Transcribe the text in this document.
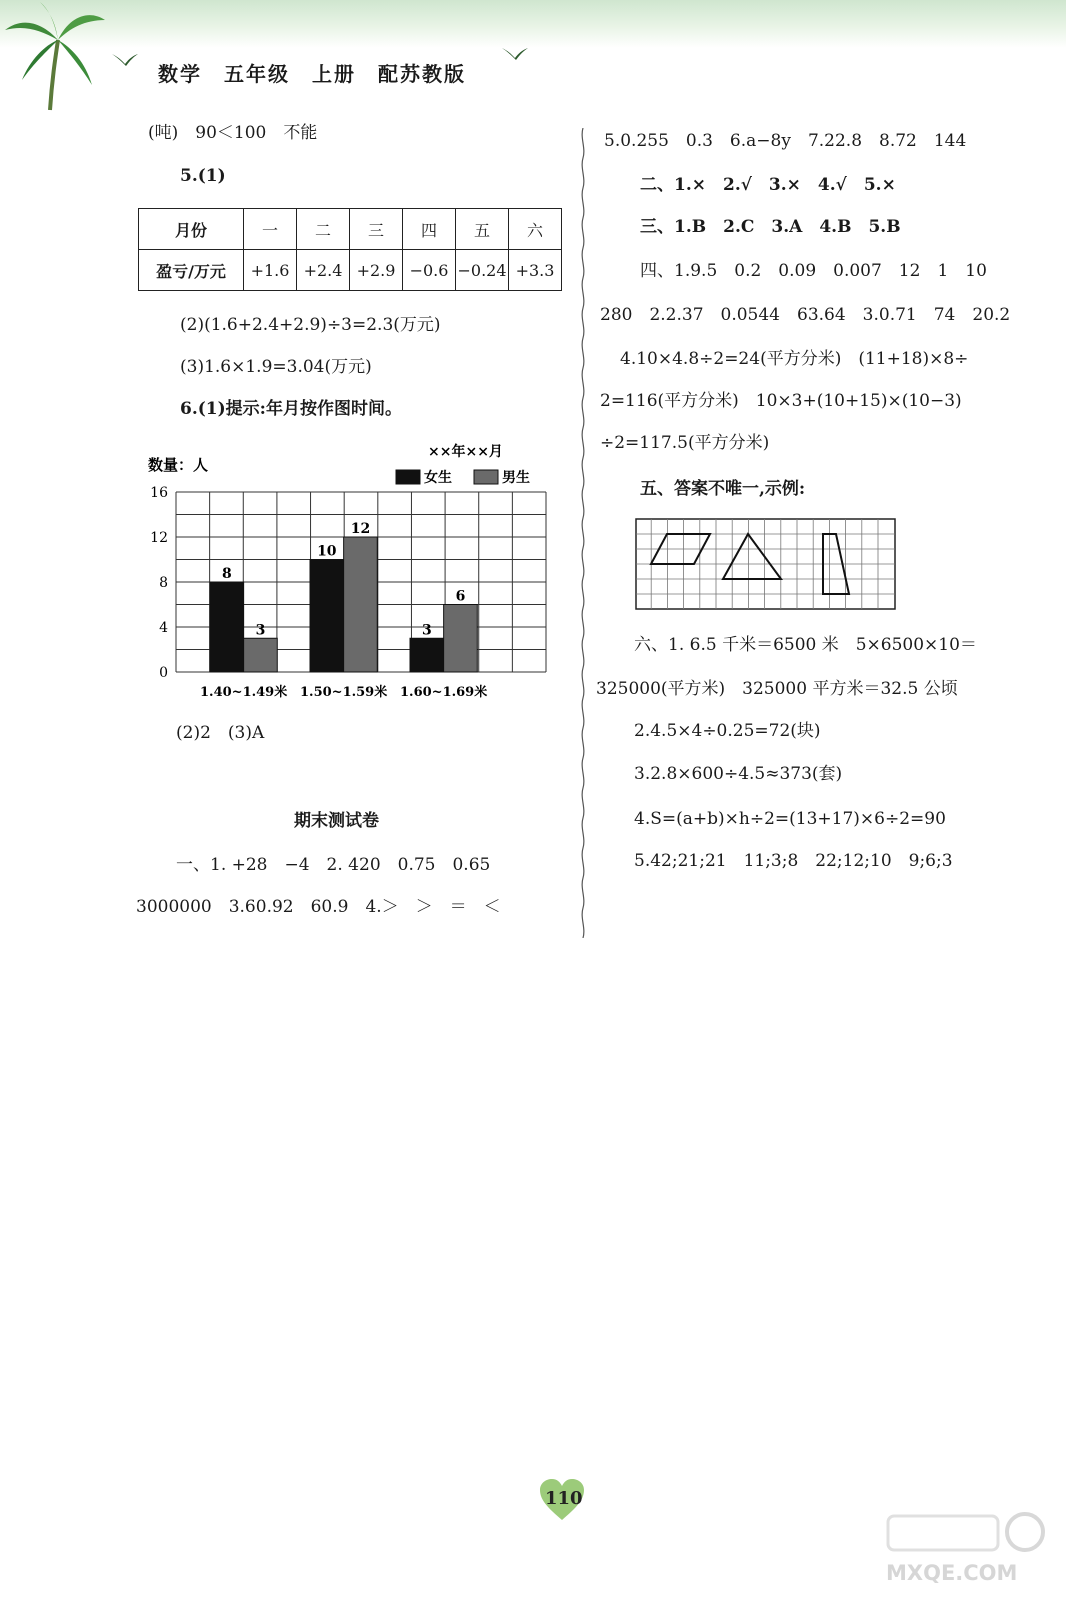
数学　五年级　上册　配苏教版
(吨)　90＜100　不能
5.(1)
月份	一	二	三	四	五	六
盈亏/万元	+1.6	+2.4	+2.9	−0.6	−0.24	+3.3
(2)(1.6+2.4+2.9)÷3=2.3(万元)
(3)1.6×1.9=3.04(万元)
6.(1)提示:年月按作图时间。
数量：人
××年××月
0
4
8
12
16
女生	男生
8
3
1.40~1.49米
10
12
1.50~1.59米
3
6
1.60~1.69米
(2)2　(3)A
期末测试卷
一、1. +28　−4　2. 420　0.75　0.65
3000000　3.60.92　60.9　4.＞　＞　＝　＜
5.0.255　0.3　6.a−8y　7.22.8　8.72　144
二、1.×　2.√　3.×　4.√　5.×
三、1.B　2.C　3.A　4.B　5.B
四、1.9.5　0.2　0.09　0.007　12　1　10
280　2.2.37　0.0544　63.64　3.0.71　74　20.2
4.10×4.8÷2=24(平方分米)　(11+18)×8÷
2=116(平方分米)　10×3+(10+15)×(10−3)
÷2=117.5(平方分米)
五、答案不唯一,示例:
六、1. 6.5 千米＝6500 米　5×6500×10＝
325000(平方米)　325000 平方米＝32.5 公顷
2.4.5×4÷0.25=72(块)
3.2.8×600÷4.5≈373(套)
4.S=(a+b)×h÷2=(13+17)×6÷2=90
5.42;21;21　11;3;8　22;12;10　9;6;3
110
MXQE.COM
